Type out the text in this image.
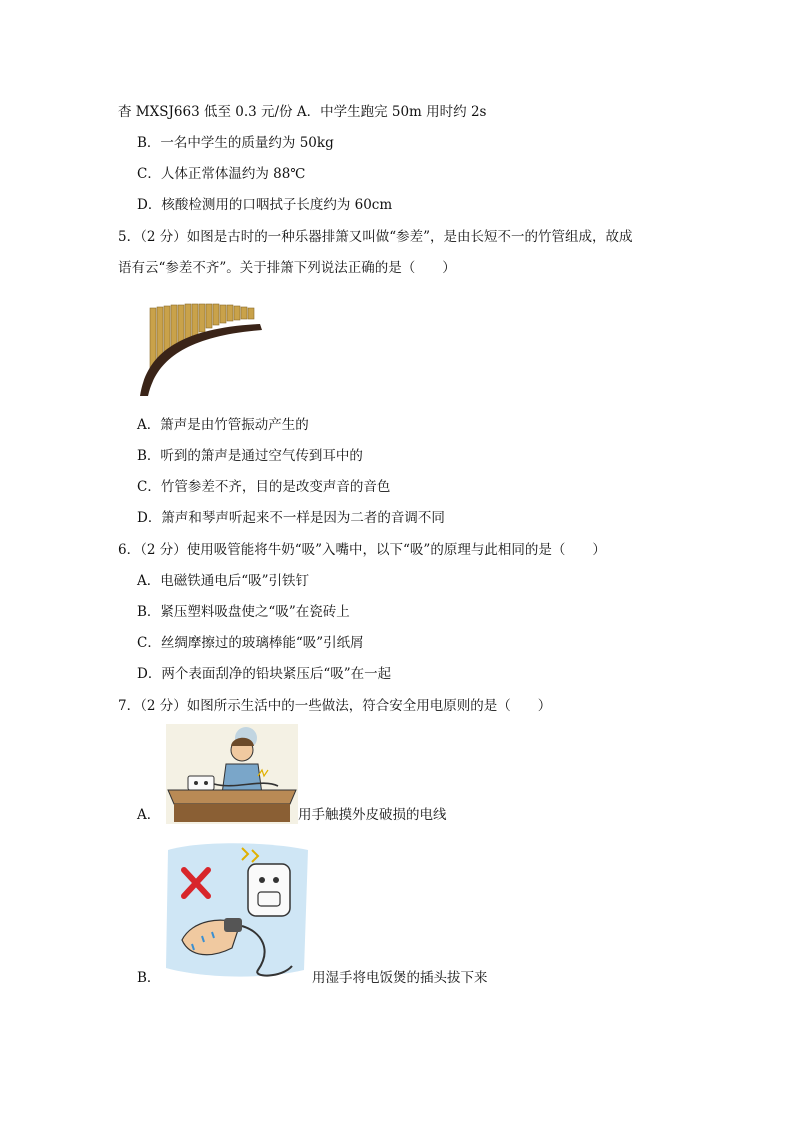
杳 MXSJ663 低至 0.3 元/份 A．中学生跑完 50m 用时约 2s
B．一名中学生的质量约为 50kg
C．人体正常体温约为 88℃
D．核酸检测用的口咽拭子长度约为 60cm
5．（2 分）如图是古时的一种乐器排箫又叫做“参差”，是由长短不一的竹管组成，故成
语有云“参差不齐”。关于排箫下列说法正确的是（　　）
A．箫声是由竹管振动产生的
B．听到的箫声是通过空气传到耳中的
C．竹管参差不齐，目的是改变声音的音色
D．箫声和琴声听起来不一样是因为二者的音调不同
6．（2 分）使用吸管能将牛奶“吸”入嘴中，以下“吸”的原理与此相同的是（　　）
A．电磁铁通电后“吸”引铁钉
B．紧压塑料吸盘使之“吸”在瓷砖上
C．丝绸摩擦过的玻璃棒能“吸”引纸屑
D．两个表面刮净的铅块紧压后“吸”在一起
7．（2 分）如图所示生活中的一些做法，符合安全用电原则的是（　　）
A．	用手触摸外皮破损的电线
B．	用湿手将电饭煲的插头拔下来
